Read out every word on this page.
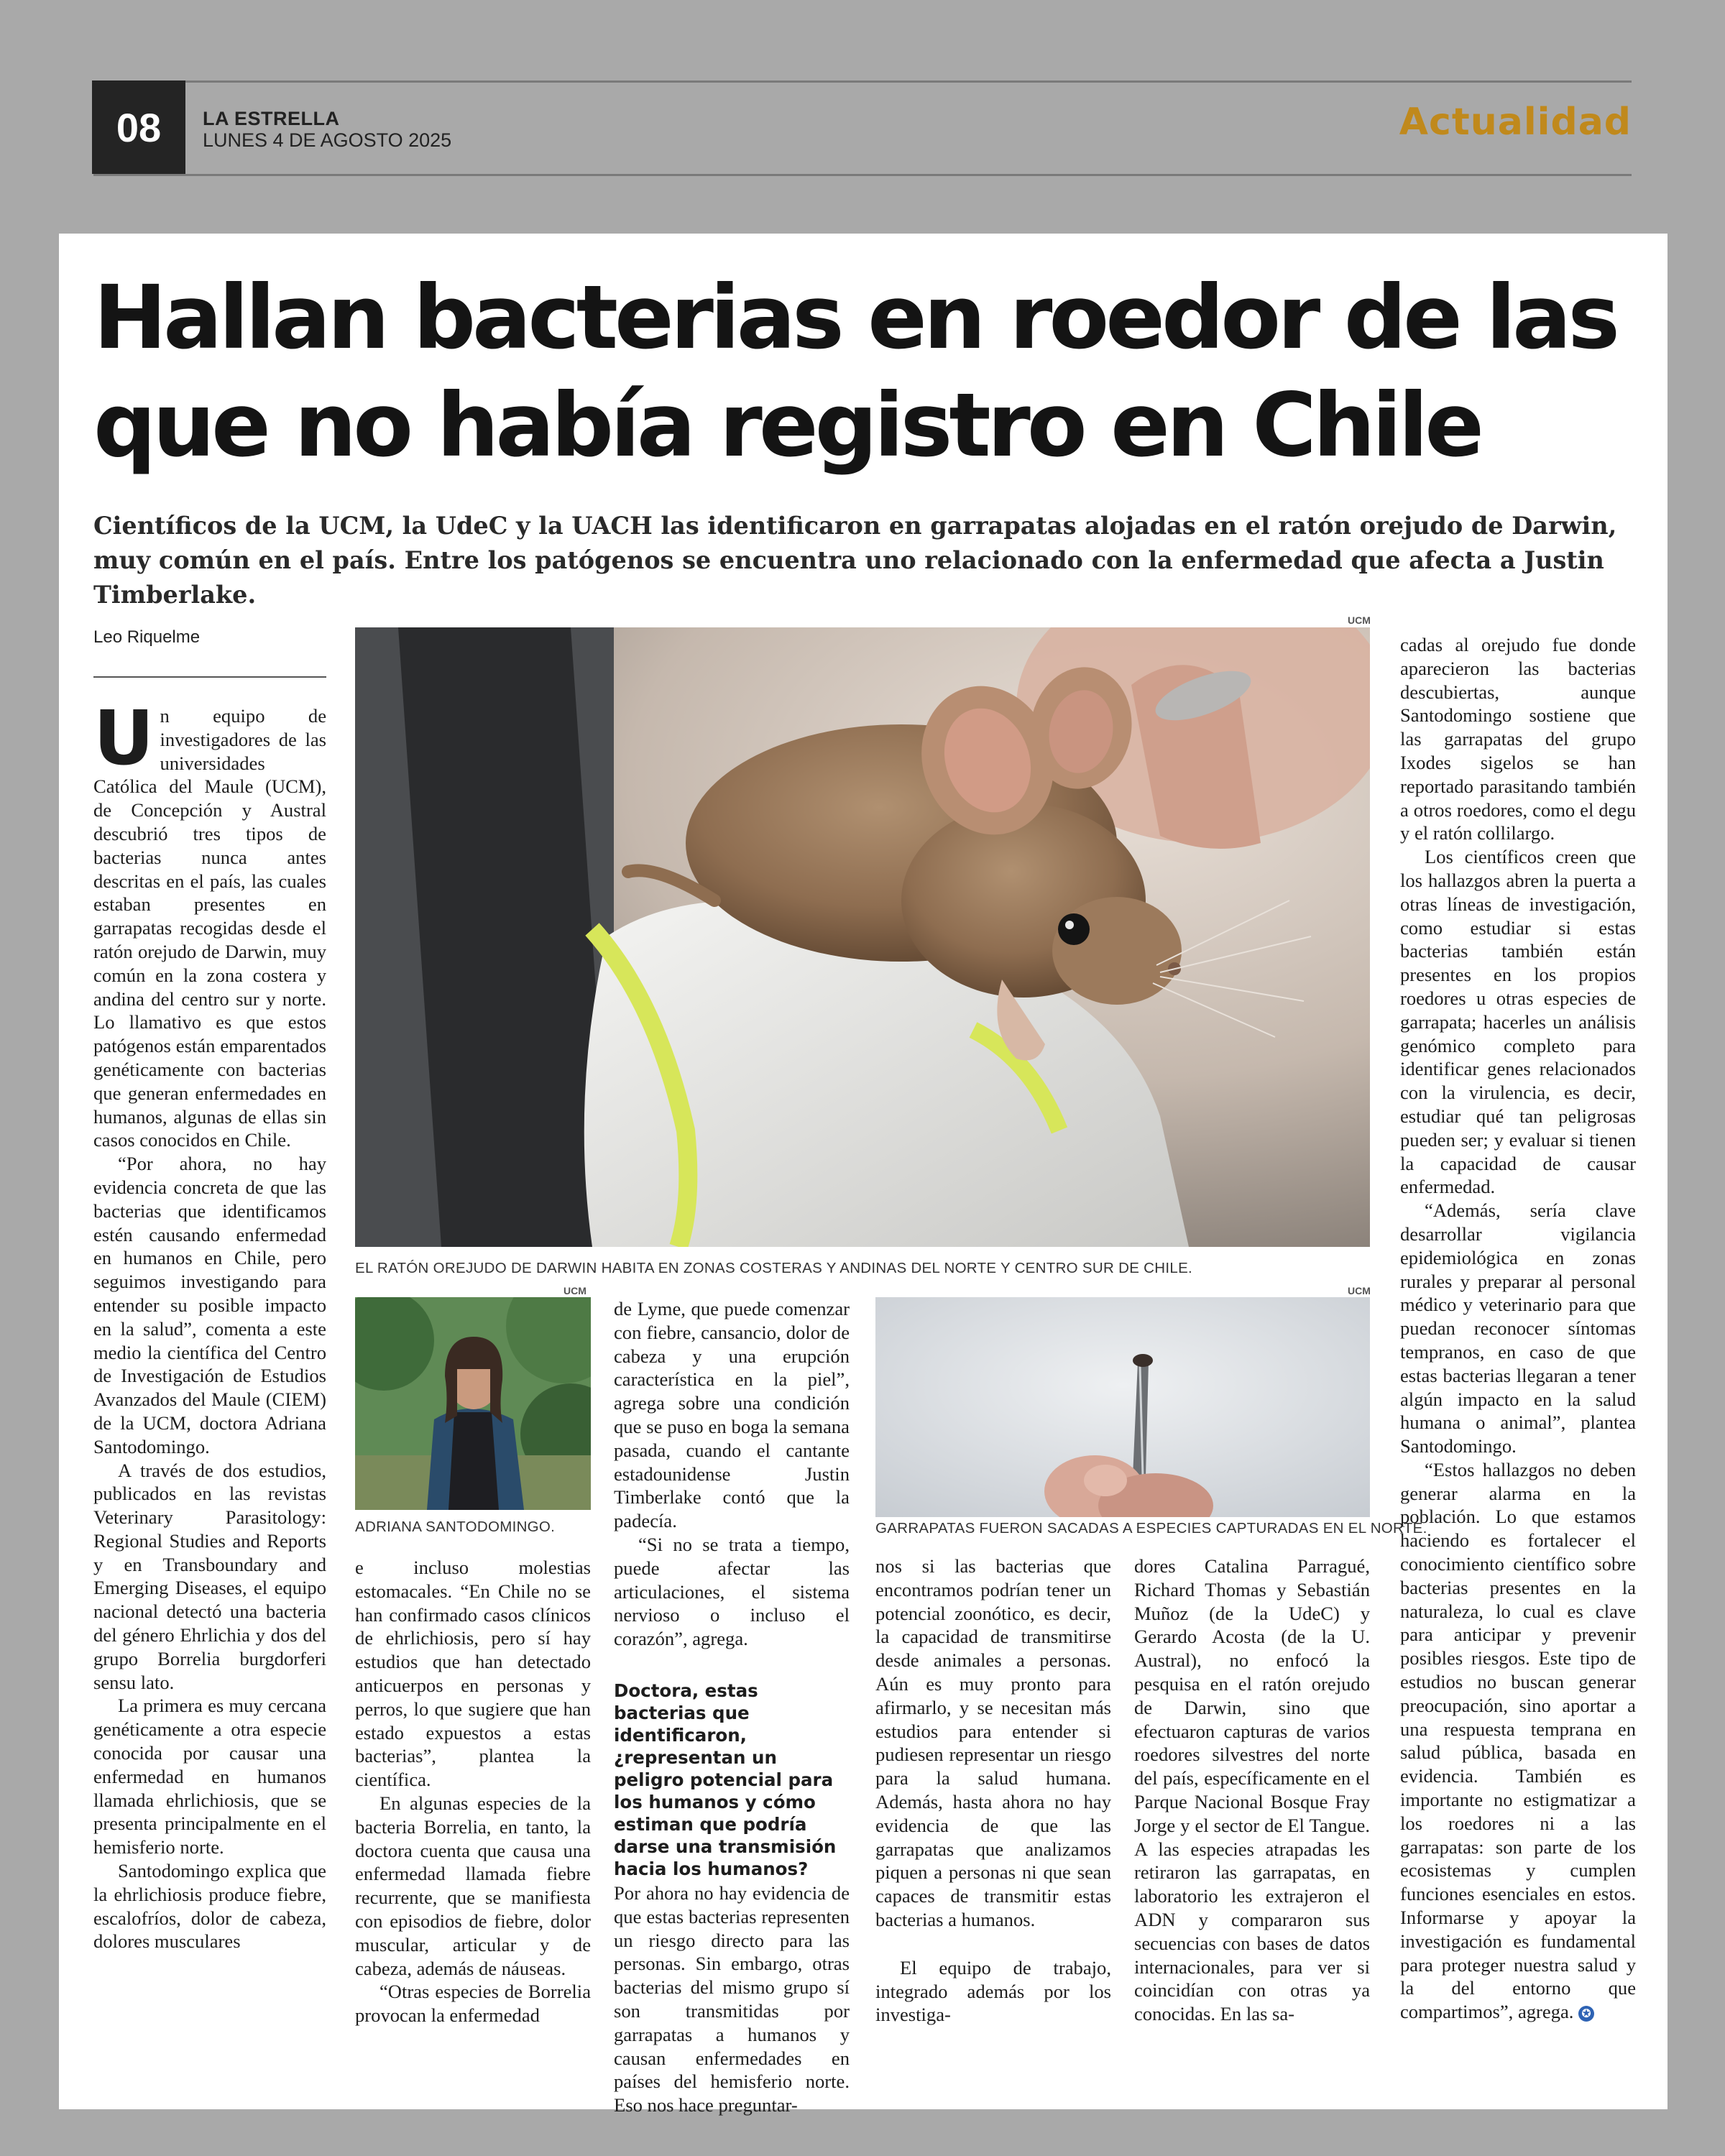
08	LA ESTRELLA
LUNES 4 DE AGOSTO 2025	Actualidad
Hallan bacterias en roedor de las
que no había registro en Chile
Científicos de la UCM, la UdeC y la UACH las identificaron en garrapatas alojadas en el ratón orejudo de Darwin, muy común en el país. Entre los patógenos se encuentra uno relacionado con la enfermedad que afecta a Justin Timberlake.
Leo Riquelme

Un equipo de investigadores de las universidades Católica del Maule (UCM), de Concepción y Austral descubrió tres tipos de bacterias nunca antes descritas en el país, las cuales estaban presentes en garrapatas recogidas desde el ratón orejudo de Darwin, muy común en la zona costera y andina del centro sur y norte. Lo llamativo es que estos patógenos están emparentados genéticamente con bacterias que generan enfermedades en humanos, algunas de ellas sin casos conocidos en Chile.

“Por ahora, no hay evidencia concreta de que las bacterias que identificamos estén causando enfermedad en humanos en Chile, pero seguimos investigando para entender su posible impacto en la salud”, comenta a este medio la científica del Centro de Investigación de Estudios Avanzados del Maule (CIEM) de la UCM, doctora Adriana Santodomingo.

A través de dos estudios, publicados en las revistas Veterinary Parasitology: Regional Studies and Reports y en Transboundary and Emerging Diseases, el equipo nacional detectó una bacteria del género Ehrlichia y dos del grupo Borrelia burgdorferi sensu lato.

La primera es muy cercana genéticamente a otra especie conocida por causar una enfermedad en humanos llamada ehrlichiosis, que se presenta principalmente en el hemisferio norte.

Santodomingo explica que la ehrlichiosis produce fiebre, escalofríos, dolor de cabeza, dolores musculares

UCM
EL RATÓN OREJUDO DE DARWIN HABITA EN ZONAS COSTERAS Y ANDINAS DEL NORTE Y CENTRO SUR DE CHILE.
UCM
ADRIANA SANTODOMINGO.

e incluso molestias estomacales. “En Chile no se han confirmado casos clínicos de ehrlichiosis, pero sí hay estudios que han detectado anticuerpos en personas y perros, lo que sugiere que han estado expuestos a estas bacterias”, plantea la científica.

En algunas especies de la bacteria Borrelia, en tanto, la doctora cuenta que causa una enfermedad llamada fiebre recurrente, que se manifiesta con episodios de fiebre, dolor muscular, articular y de cabeza, además de náuseas.

“Otras especies de Borrelia provocan la enfermedad

de Lyme, que puede comenzar con fiebre, cansancio, dolor de cabeza y una erupción característica en la piel”, agrega sobre una condición que se puso en boga la semana pasada, cuando el cantante estadounidense Justin Timberlake contó que la padecía.

“Si no se trata a tiempo, puede afectar las articulaciones, el sistema nervioso o incluso el corazón”, agrega.

Doctora, estas bacterias que identificaron, ¿representan un peligro potencial para los humanos y cómo estiman que podría darse una transmisión hacia los humanos?

Por ahora no hay evidencia de que estas bacterias representen un riesgo directo para las personas. Sin embargo, otras bacterias del mismo grupo sí son transmitidas por garrapatas a humanos y causan enfermedades en países del hemisferio norte. Eso nos hace preguntar-

UCM
GARRAPATAS FUERON SACADAS A ESPECIES CAPTURADAS EN EL NORTE.

nos si las bacterias que encontramos podrían tener un potencial zoonótico, es decir, la capacidad de transmitirse desde animales a personas. Aún es muy pronto para afirmarlo, y se necesitan más estudios para entender si pudiesen representar un riesgo para la salud humana. Además, hasta ahora no hay evidencia de que las garrapatas que analizamos piquen a personas ni que sean capaces de transmitir estas bacterias a humanos.

El equipo de trabajo, integrado además por los investiga-

dores Catalina Parragué, Richard Thomas y Sebastián Muñoz (de la UdeC) y Gerardo Acosta (de la U. Austral), no enfocó la pesquisa en el ratón orejudo de Darwin, sino que efectuaron capturas de varios roedores silvestres del norte del país, específicamente en el Parque Nacional Bosque Fray Jorge y el sector de El Tangue. A las especies atrapadas les retiraron las garrapatas, en laboratorio les extrajeron el ADN y compararon sus secuencias con bases de datos internacionales, para ver si coincidían con otras ya conocidas. En las sa-

cadas al orejudo fue donde aparecieron las bacterias descubiertas, aunque Santodomingo sostiene que las garrapatas del grupo Ixodes sigelos se han reportado parasitando también a otros roedores, como el degu y el ratón collilargo.

Los científicos creen que los hallazgos abren la puerta a otras líneas de investigación, como estudiar si estas bacterias también están presentes en los propios roedores u otras especies de garrapata; hacerles un análisis genómico completo para identificar genes relacionados con la virulencia, es decir, estudiar qué tan peligrosas pueden ser; y evaluar si tienen la capacidad de causar enfermedad.

“Además, sería clave desarrollar vigilancia epidemiológica en zonas rurales y preparar al personal médico y veterinario para que puedan reconocer síntomas tempranos, en caso de que estas bacterias llegaran a tener algún impacto en la salud humana o animal”, plantea Santodomingo.

“Estos hallazgos no deben generar alarma en la población. Lo que estamos haciendo es fortalecer el conocimiento científico sobre bacterias presentes en la naturaleza, lo cual es clave para anticipar y prevenir posibles riesgos. Este tipo de estudios no buscan generar preocupación, sino aportar a una respuesta temprana en salud pública, basada en evidencia. También es importante no estigmatizar a los roedores ni a las garrapatas: son parte de los ecosistemas y cumplen funciones esenciales en estos. Informarse y apoyar la investigación es fundamental para proteger nuestra salud y la del entorno que compartimos”, agrega. ✪
